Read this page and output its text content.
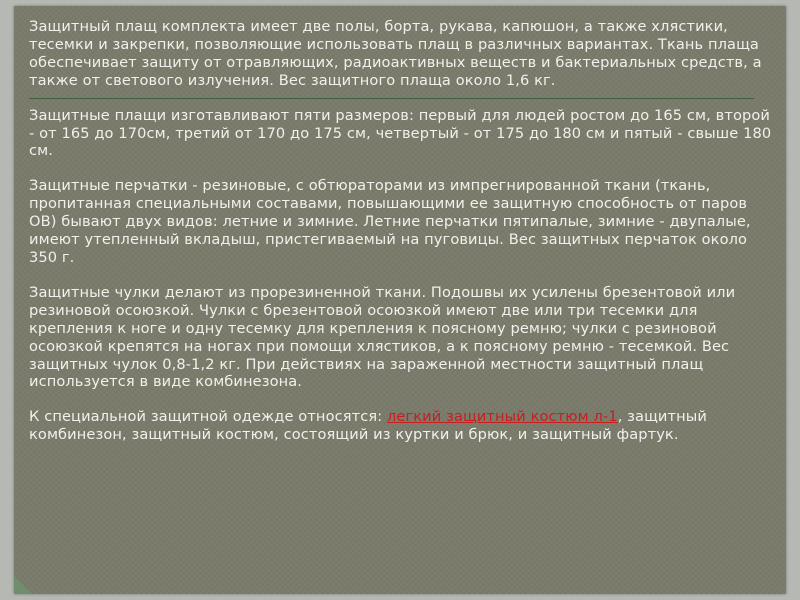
Защитный плащ комплекта имеет две полы, борта, рукава, капюшон, а также хлястики, тесемки и закрепки, позволяющие использовать плащ в различных вариантах. Ткань плаща обеспечивает защиту от отравляющих, радиоактивных веществ и бактериальных средств, а также от светового излучения. Вес защитного плаща около 1,6 кг.

Защитные плащи изготавливают пяти размеров: первый для людей ростом до 165 см, второй - от 165 до 170см, третий от 170 до 175 см, четвертый - от 175 до 180 см и пятый - свыше 180 см.

Защитные перчатки - резиновые, с обтюраторами из импрегнированной ткани (ткань, пропитанная специальными составами, повышающими ее защитную способность от паров ОВ) бывают двух видов: летние и зимние. Летние перчатки пятипалые, зимние - двупалые, имеют утепленный вкладыш, пристегиваемый на пуговицы. Вес защитных перчаток около 350 г.

Защитные чулки делают из прорезиненной ткани. Подошвы их усилены брезентовой или резиновой осоюзкой. Чулки с брезентовой осоюзкой имеют две или три тесемки для крепления к ноге и одну тесемку для крепления к поясному ремню; чулки с резиновой осоюзкой крепятся на ногах при помощи хлястиков, а к поясному ремню - тесемкой. Вес защитных чулок 0,8-1,2 кг. При действиях на зараженной местности защитный плащ используется в виде комбинезона.

К специальной защитной одежде относятся: легкий защитный костюм л-1, защитный комбинезон, защитный костюм, состоящий из куртки и брюк, и защитный фартук.
